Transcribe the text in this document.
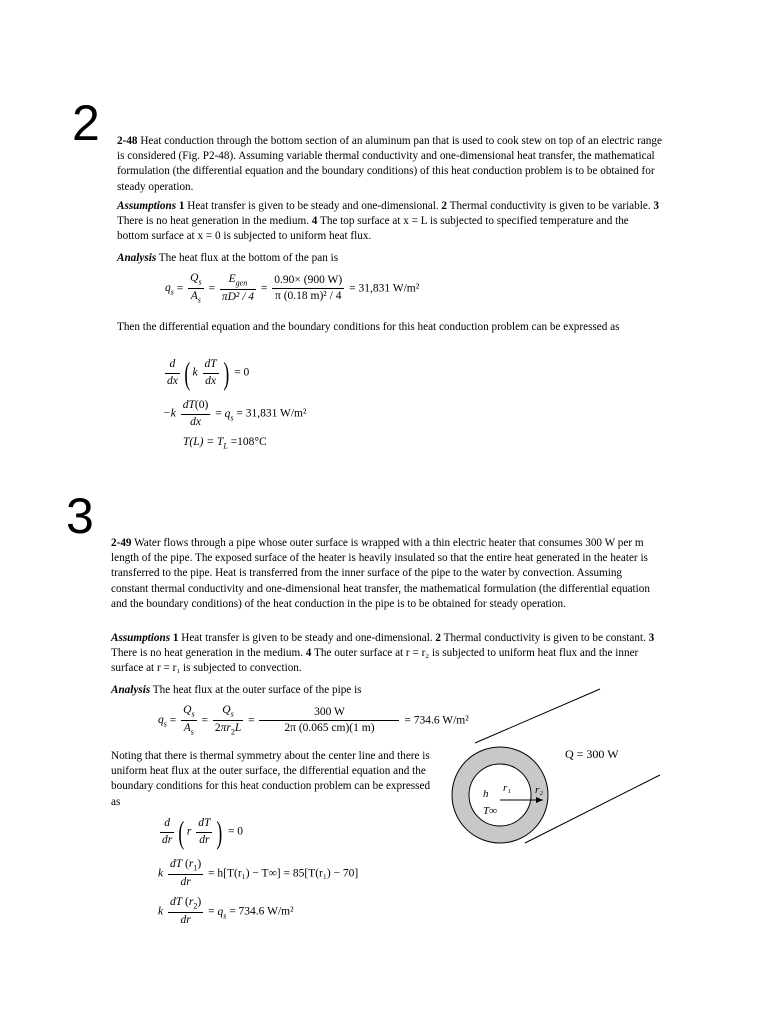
2 2-48 Heat conduction through the bottom section of an aluminum pan that is used to cook stew on top of an electric range is considered (Fig. P2-48). Assuming variable thermal conductivity and one-dimensional heat transfer, the mathematical formulation (the differential equation and the boundary conditions) of this heat conduction problem is to be obtained for steady operation.
Assumptions 1 Heat transfer is given to be steady and one-dimensional. 2 Thermal conductivity is given to be variable. 3 There is no heat generation in the medium. 4 The top surface at x = L is subjected to specified temperature and the bottom surface at x = 0 is subjected to uniform heat flux.
Analysis The heat flux at the bottom of the pan is
$q_s = \frac{Q_s}{A_s} = \frac{E_{gen}}{\text{πD² / 4}} = \frac{0.90\times (900 W)}{\text{π (0.18 m)² / 4}} = 31,831$ W/m²
Then the differential equation and the boundary conditions for this heat conduction problem can be expressed as
$\frac{d}{dx}$ ( k $\frac{dT}{dx}$ ) = 0
$-k \frac{dT(0)}{dx} = q_s = 31,831$ W/m²
$T(L) = T_L =108^\circ C$
3 2-49 Water flows through a pipe whose outer surface is wrapped with a thin electric heater that consumes 300 W per m length of the pipe. The exposed surface of the heater is heavily insulated so that the entire heat generated in the heater is transferred to the pipe. Heat is transferred from the inner surface of the pipe to the water by convection. Assuming constant thermal conductivity and one-dimensional heat transfer, the mathematical formulation (the differential equation and the boundary conditions) of the heat conduction in the pipe is to be obtained for steady operation.
Assumptions 1 Heat transfer is given to be steady and one-dimensional. 2 Thermal conductivity is given to be constant. 3 There is no heat generation in the medium. 4 The outer surface at r = r₂ is subjected to uniform heat flux and the inner surface at r = r₁ is subjected to convection.
Analysis The heat flux at the outer surface of the pipe is
$q_s = \frac{Q_s}{A_s} = \frac{Q_s}{2\pi r_2L} = \frac{300 W}{2\pi (0.065 cm)(1 m)} = 734.6$ W/m²
Noting that there is thermal symmetry about the center line and there is uniform heat flux at the outer surface, the differential equation and the boundary conditions for this heat conduction problem can be expressed as
$\frac{d}{dr}$ ( r $\frac{dT}{dr}$ ) = 0
k $\frac{dT (r_1)}{dr} = h[T(r_1) - T\infty] = 85[T(r_1) - 70]$
k $\frac{dT (r_2)}{dr} = q_s = 734.6$ W/m²
r₁ r₂
h
T∞
Q = 300 W
